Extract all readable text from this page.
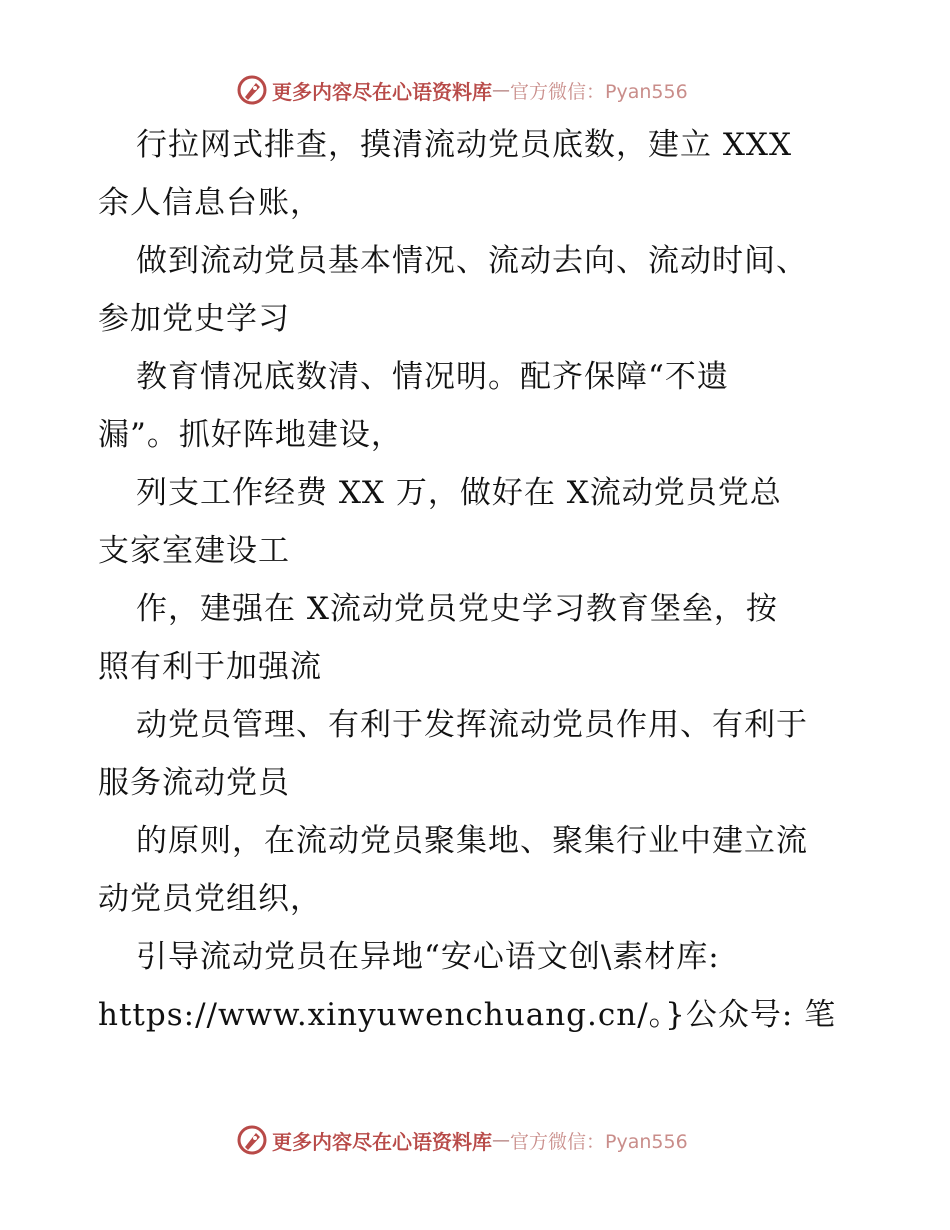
更多内容尽在心语资料库 — 官方微信：Pyan556
行拉网式排查，摸清流动党员底数，建立 XXX
余人信息台账，
做到流动党员基本情况、流动去向、流动时间、
参加党史学习
教育情况底数清、情况明。配齐保障“不遗
漏”。抓好阵地建设，
列支工作经费 XX 万，做好在 X流动党员党总
支家室建设工
作，建强在 X流动党员党史学习教育堡垒，按
照有利于加强流
动党员管理、有利于发挥流动党员作用、有利于
服务流动党员
的原则，在流动党员聚集地、聚集行业中建立流
动党员党组织，
引导流动党员在异地“安心语文创\素材库:
https://www.xinyuwenchuang.cn/。}公众号: 笔
更多内容尽在心语资料库 — 官方微信：Pyan556
